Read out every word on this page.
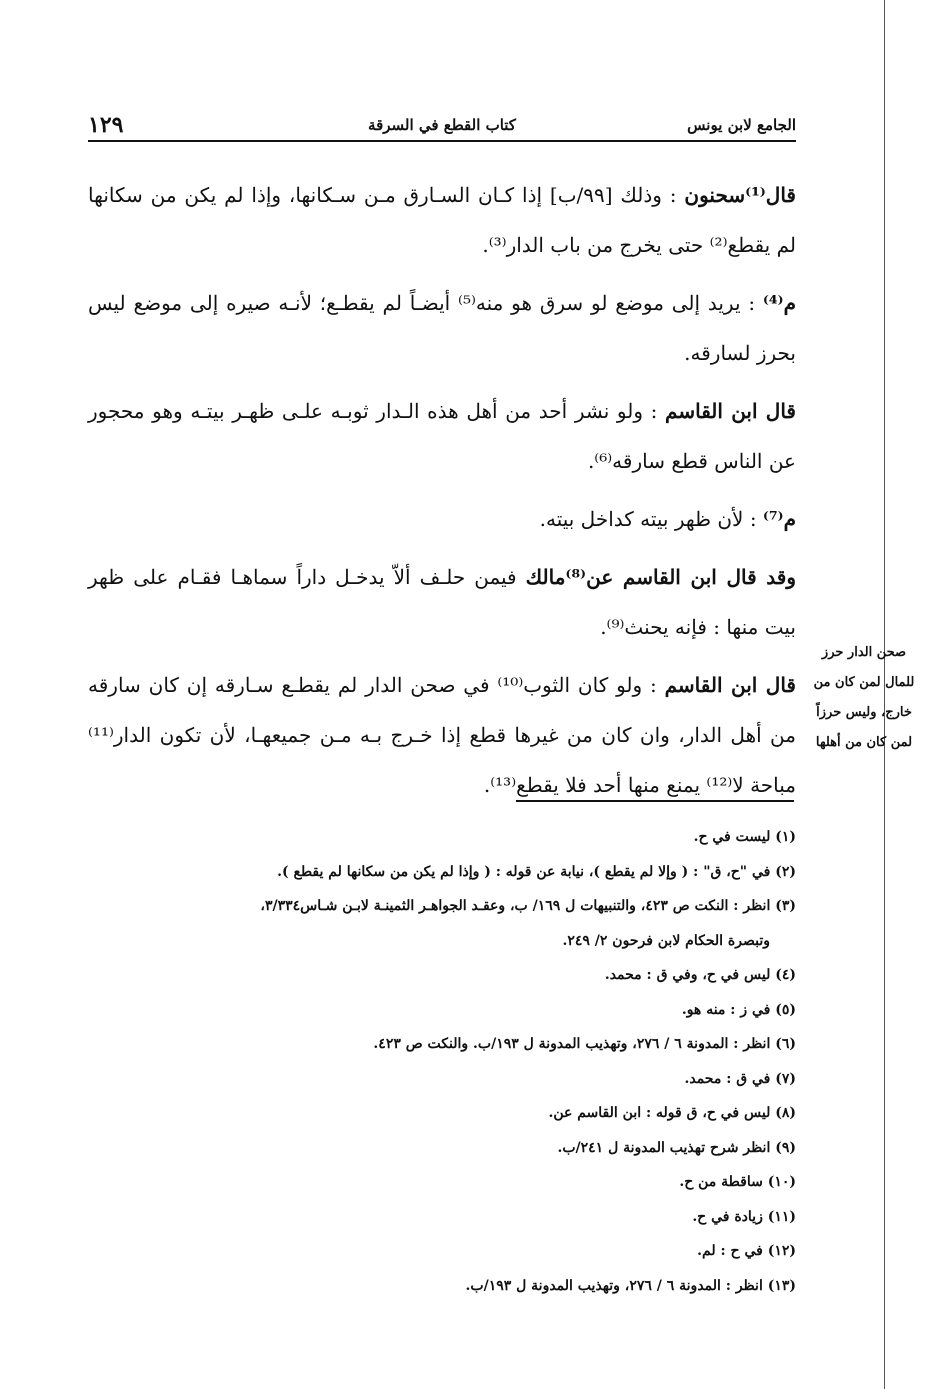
الجامع لابن يونس
كتاب القطع في السرقة
١٢٩

قال⁽¹⁾سحنون : وذلك [٩٩/ب] إذا كـان السـارق مـن سـكانها، وإذا لم يكن من سكانها لم يقطع⁽²⁾ حتى يخرج من باب الدار⁽³⁾.

م⁽⁴⁾ : يريد إلى موضع لو سرق هو منه⁽⁵⁾ أيضـاً لم يقطـع؛ لأنـه صيره إلى موضع ليس بحرز لسارقه.

قال ابن القاسم : ولو نشر أحد من أهل هذه الـدار ثوبـه علـى ظهـر بيتـه وهو محجور عن الناس قطع سارقه⁽⁶⁾.

م⁽⁷⁾ : لأن ظهر بيته كداخل بيته.

وقد قال ابن القاسم عن⁽⁸⁾مالك فيمن حلـف ألاّ يدخـل داراً سماهـا فقـام على ظهر بيت منها : فإنه يحنث⁽⁹⁾.

قال ابن القاسم : ولو كان الثوب⁽¹⁰⁾ في صحن الدار لم يقطـع سـارقه إن كان سارقه من أهل الدار، وان كان من غيرها قطع إذا خـرج بـه مـن جميعهـا، لأن تكون الدار⁽¹¹⁾ مباحة لا⁽¹²⁾ يمنع منها أحد فلا يقطع⁽¹³⁾.

صحن الدار حرز
للمال لمن كان من
خارج، وليس حرزاً
لمن كان من أهلها
(١) ليست في ح.
(٢) في "ح، ق" : ( وإلا لم يقطع )، نيابة عن قوله : ( وإذا لم يكن من سكانها لم يقطع ).
(٣) انظر : النكت ص ٤٢٣، والتنبيهات ل ١٦٩/ ب، وعقـد الجواهـر الثمينـة لابـن شـاس٣/٣٣٤،
وتبصرة الحكام لابن فرحون ٢/ ٢٤٩.
(٤) ليس في ح، وفي ق : محمد.
(٥) في ز : منه هو.
(٦) انظر : المدونة ٦ / ٢٧٦، وتهذيب المدونة ل ١٩٣/ب. والنكت ص ٤٢٣.
(٧) في ق : محمد.
(٨) ليس في ح، ق قوله : ابن القاسم عن.
(٩) انظر شرح تهذيب المدونة ل ٢٤١/ب.
(١٠) ساقطة من ح.
(١١) زيادة في ح.
(١٢) في ح : لم.
(١٣) انظر : المدونة ٦ / ٢٧٦، وتهذيب المدونة ل ١٩٣/ب.
